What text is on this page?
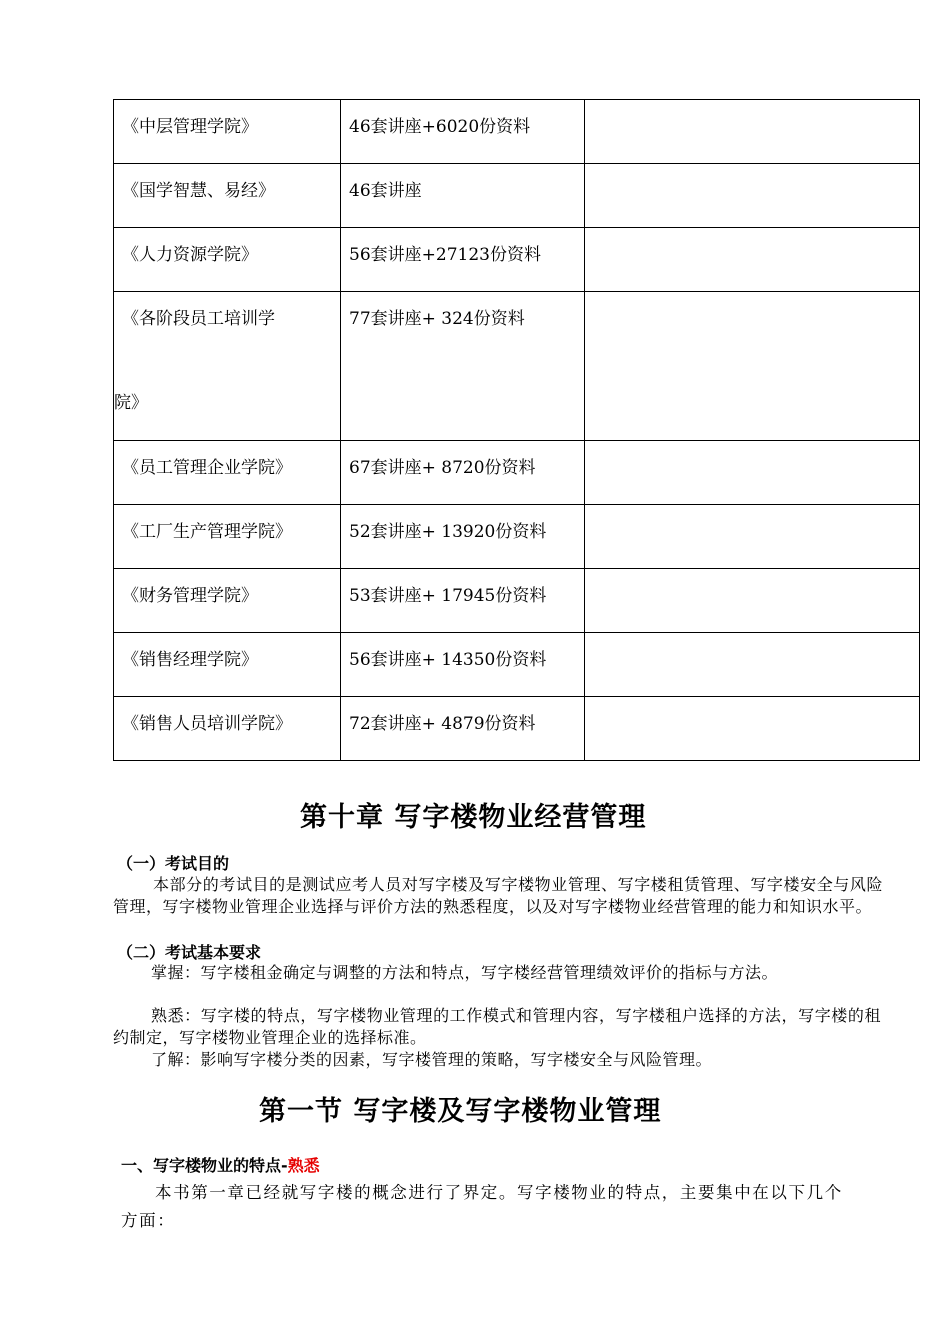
《中层管理学院》	46套讲座+6020份资料	
《国学智慧、易经》	46套讲座	
《人力资源学院》	56套讲座+27123份资料	

《各阶段员工培训学
院》	77套讲座+ 324份资料	
《员工管理企业学院》	67套讲座+ 8720份资料	
《工厂生产管理学院》	52套讲座+ 13920份资料	
《财务管理学院》	53套讲座+ 17945份资料	
《销售经理学院》	56套讲座+ 14350份资料	
《销售人员培训学院》	72套讲座+ 4879份资料	
第十章 写字楼物业经营管理

（一）考试目的

本部分的考试目的是测试应考人员对写字楼及写字楼物业管理、写字楼租赁管理、写字楼安全与风险管理，写字楼物业管理企业选择与评价方法的熟悉程度，以及对写字楼物业经营管理的能力和知识水平。

（二）考试基本要求

掌握：写字楼租金确定与调整的方法和特点，写字楼经营管理绩效评价的指标与方法。

熟悉：写字楼的特点，写字楼物业管理的工作模式和管理内容，写字楼租户选择的方法，写字楼的租约制定，写字楼物业管理企业的选择标准。

了解：影响写字楼分类的因素，写字楼管理的策略，写字楼安全与风险管理。

第一节 写字楼及写字楼物业管理

一、写字楼物业的特点-熟悉

本书第一章已经就写字楼的概念进行了界定。写字楼物业的特点，主要集中在以下几个方面：
